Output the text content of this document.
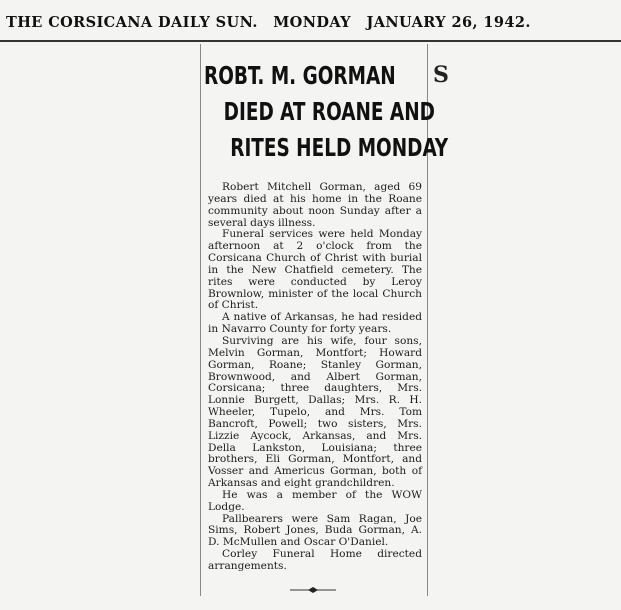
THE CORSICANA DAILY SUN. MONDAY JANUARY 26, 1942.
S
ROBT. M. GORMAN
DIED AT ROANE AND
RITES HELD MONDAY

Robert Mitchell Gorman, aged 69 years died at his home in the Roane community about noon Sunday after a several days illness.

Funeral services were held Monday afternoon at 2 o'clock from the Corsicana Church of Christ with burial in the New Chatfield cemetery. The rites were conducted by Leroy Brownlow, minister of the local Church of Christ.

A native of Arkansas, he had resided in Navarro County for forty years.

Surviving are his wife, four sons, Melvin Gorman, Montfort; Howard Gorman, Roane; Stanley Gorman, Brownwood, and Albert Gorman, Corsicana; three daughters, Mrs. Lonnie Burgett, Dallas; Mrs. R. H. Wheeler, Tupelo, and Mrs. Tom Bancroft, Powell; two sisters, Mrs. Lizzie Aycock, Arkansas, and Mrs. Della Lankston, Louisiana; three brothers, Eli Gorman, Montfort, and Vosser and Americus Gorman, both of Arkansas and eight grandchildren.

He was a member of the WOW Lodge.

Pallbearers were Sam Ragan, Joe Sims, Robert Jones, Buda Gorman, A. D. McMullen and Oscar O'Daniel.

Corley Funeral Home directed arrangements.
